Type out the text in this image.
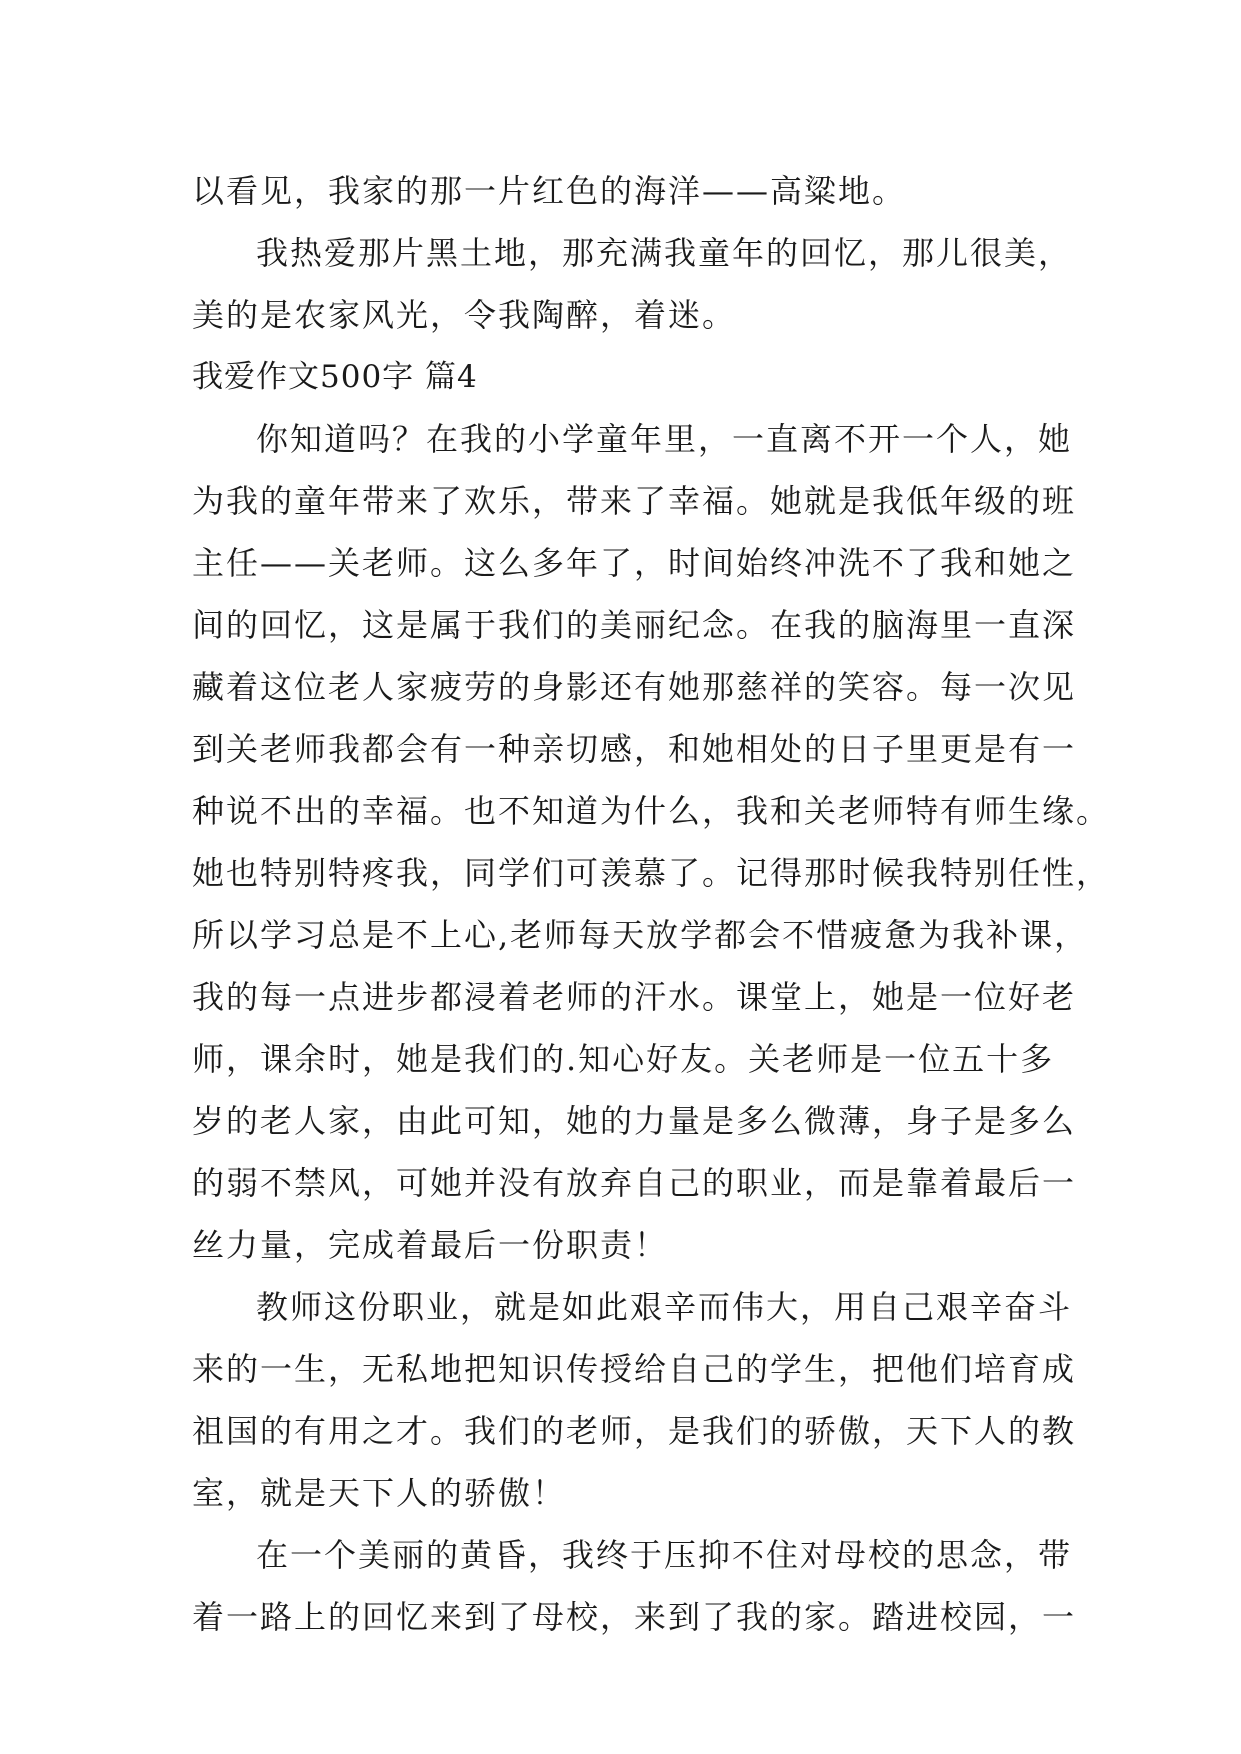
以看见，我家的那一片红色的海洋——高粱地。
我热爱那片黑土地，那充满我童年的回忆，那儿很美，
美的是农家风光，令我陶醉，着迷。
我爱作文500字 篇4
你知道吗？在我的小学童年里，一直离不开一个人，她
为我的童年带来了欢乐，带来了幸福。她就是我低年级的班
主任——关老师。这么多年了，时间始终冲洗不了我和她之
间的回忆，这是属于我们的美丽纪念。在我的脑海里一直深
藏着这位老人家疲劳的身影还有她那慈祥的笑容。每一次见
到关老师我都会有一种亲切感，和她相处的日子里更是有一
种说不出的幸福。也不知道为什么，我和关老师特有师生缘。
她也特别特疼我，同学们可羡慕了。记得那时候我特别任性，
所以学习总是不上心,老师每天放学都会不惜疲惫为我补课，
我的每一点进步都浸着老师的汗水。课堂上，她是一位好老
师，课余时，她是我们的.知心好友。关老师是一位五十多
岁的老人家，由此可知，她的力量是多么微薄，身子是多么
的弱不禁风，可她并没有放弃自己的职业，而是靠着最后一
丝力量，完成着最后一份职责！
教师这份职业，就是如此艰辛而伟大，用自己艰辛奋斗
来的一生，无私地把知识传授给自己的学生，把他们培育成
祖国的有用之才。我们的老师，是我们的骄傲，天下人的教
室，就是天下人的骄傲！
在一个美丽的黄昏，我终于压抑不住对母校的思念，带
着一路上的回忆来到了母校，来到了我的家。踏进校园，一
